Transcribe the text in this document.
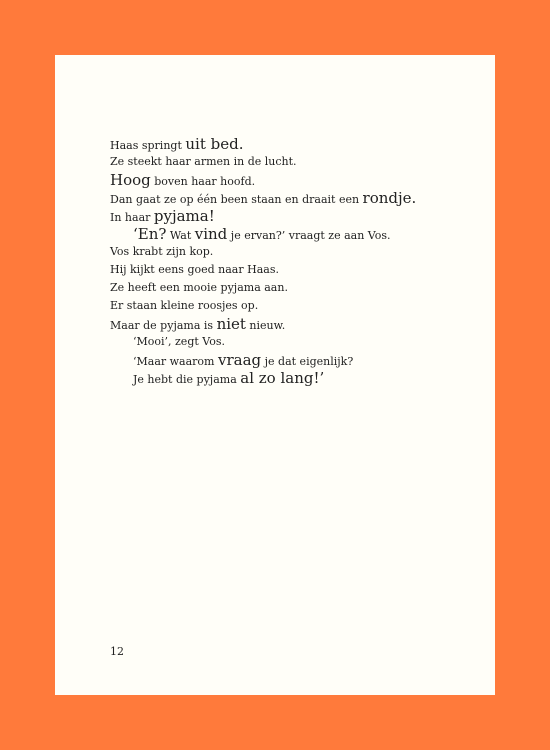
Haas springt uit bed.
Ze steekt haar armen in de lucht.
Hoog boven haar hoofd.
Dan gaat ze op één been staan en draait een rondje.
In haar pyjama!
‘En? Wat vind je ervan?’ vraagt ze aan Vos.
Vos krabt zijn kop.
Hij kijkt eens goed naar Haas.
Ze heeft een mooie pyjama aan.
Er staan kleine roosjes op.
Maar de pyjama is niet nieuw.
‘Mooi’, zegt Vos.
‘Maar waarom vraag je dat eigenlijk?
Je hebt die pyjama al zo lang!’
12
